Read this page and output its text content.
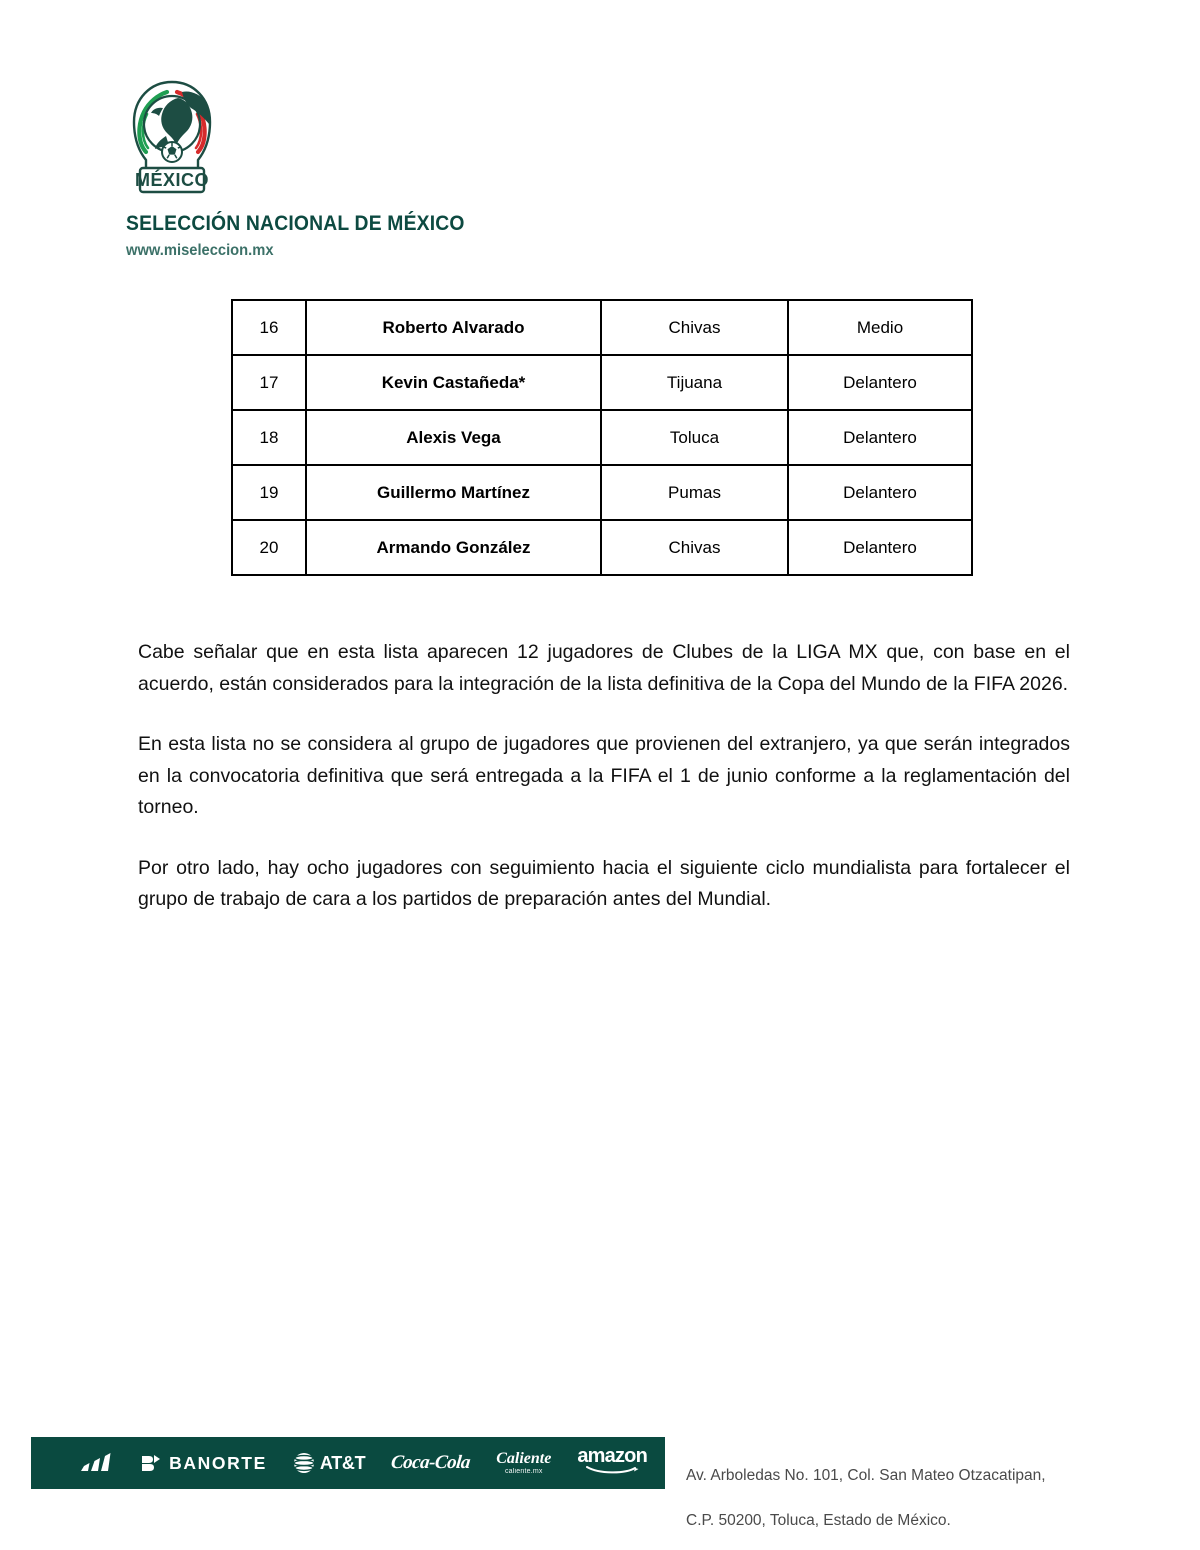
MÉXICO
SELECCIÓN NACIONAL DE MÉXICO
www.miseleccion.mx
16	Roberto Alvarado	Chivas	Medio
17	Kevin Castañeda*	Tijuana	Delantero
18	Alexis Vega	Toluca	Delantero
19	Guillermo Martínez	Pumas	Delantero
20	Armando González	Chivas	Delantero

Cabe señalar que en esta lista aparecen 12 jugadores de Clubes de la LIGA MX que, con base en el acuerdo, están considerados para la integración de la lista definitiva de la Copa del Mundo de la FIFA 2026.

En esta lista no se considera al grupo de jugadores que provienen del extranjero, ya que serán integrados en la convocatoria definitiva que será entregada a la FIFA el 1 de junio conforme a la reglamentación del torneo.

Por otro lado, hay ocho jugadores con seguimiento hacia el siguiente ciclo mundialista para fortalecer el grupo de trabajo de cara a los partidos de preparación antes del Mundial.

BANORTE	AT&T Coca-Cola Caliente
caliente.mx
amazon

Av. Arboledas No. 101, Col. San Mateo Otzacatipan,

C.P. 50200, Toluca, Estado de México.
